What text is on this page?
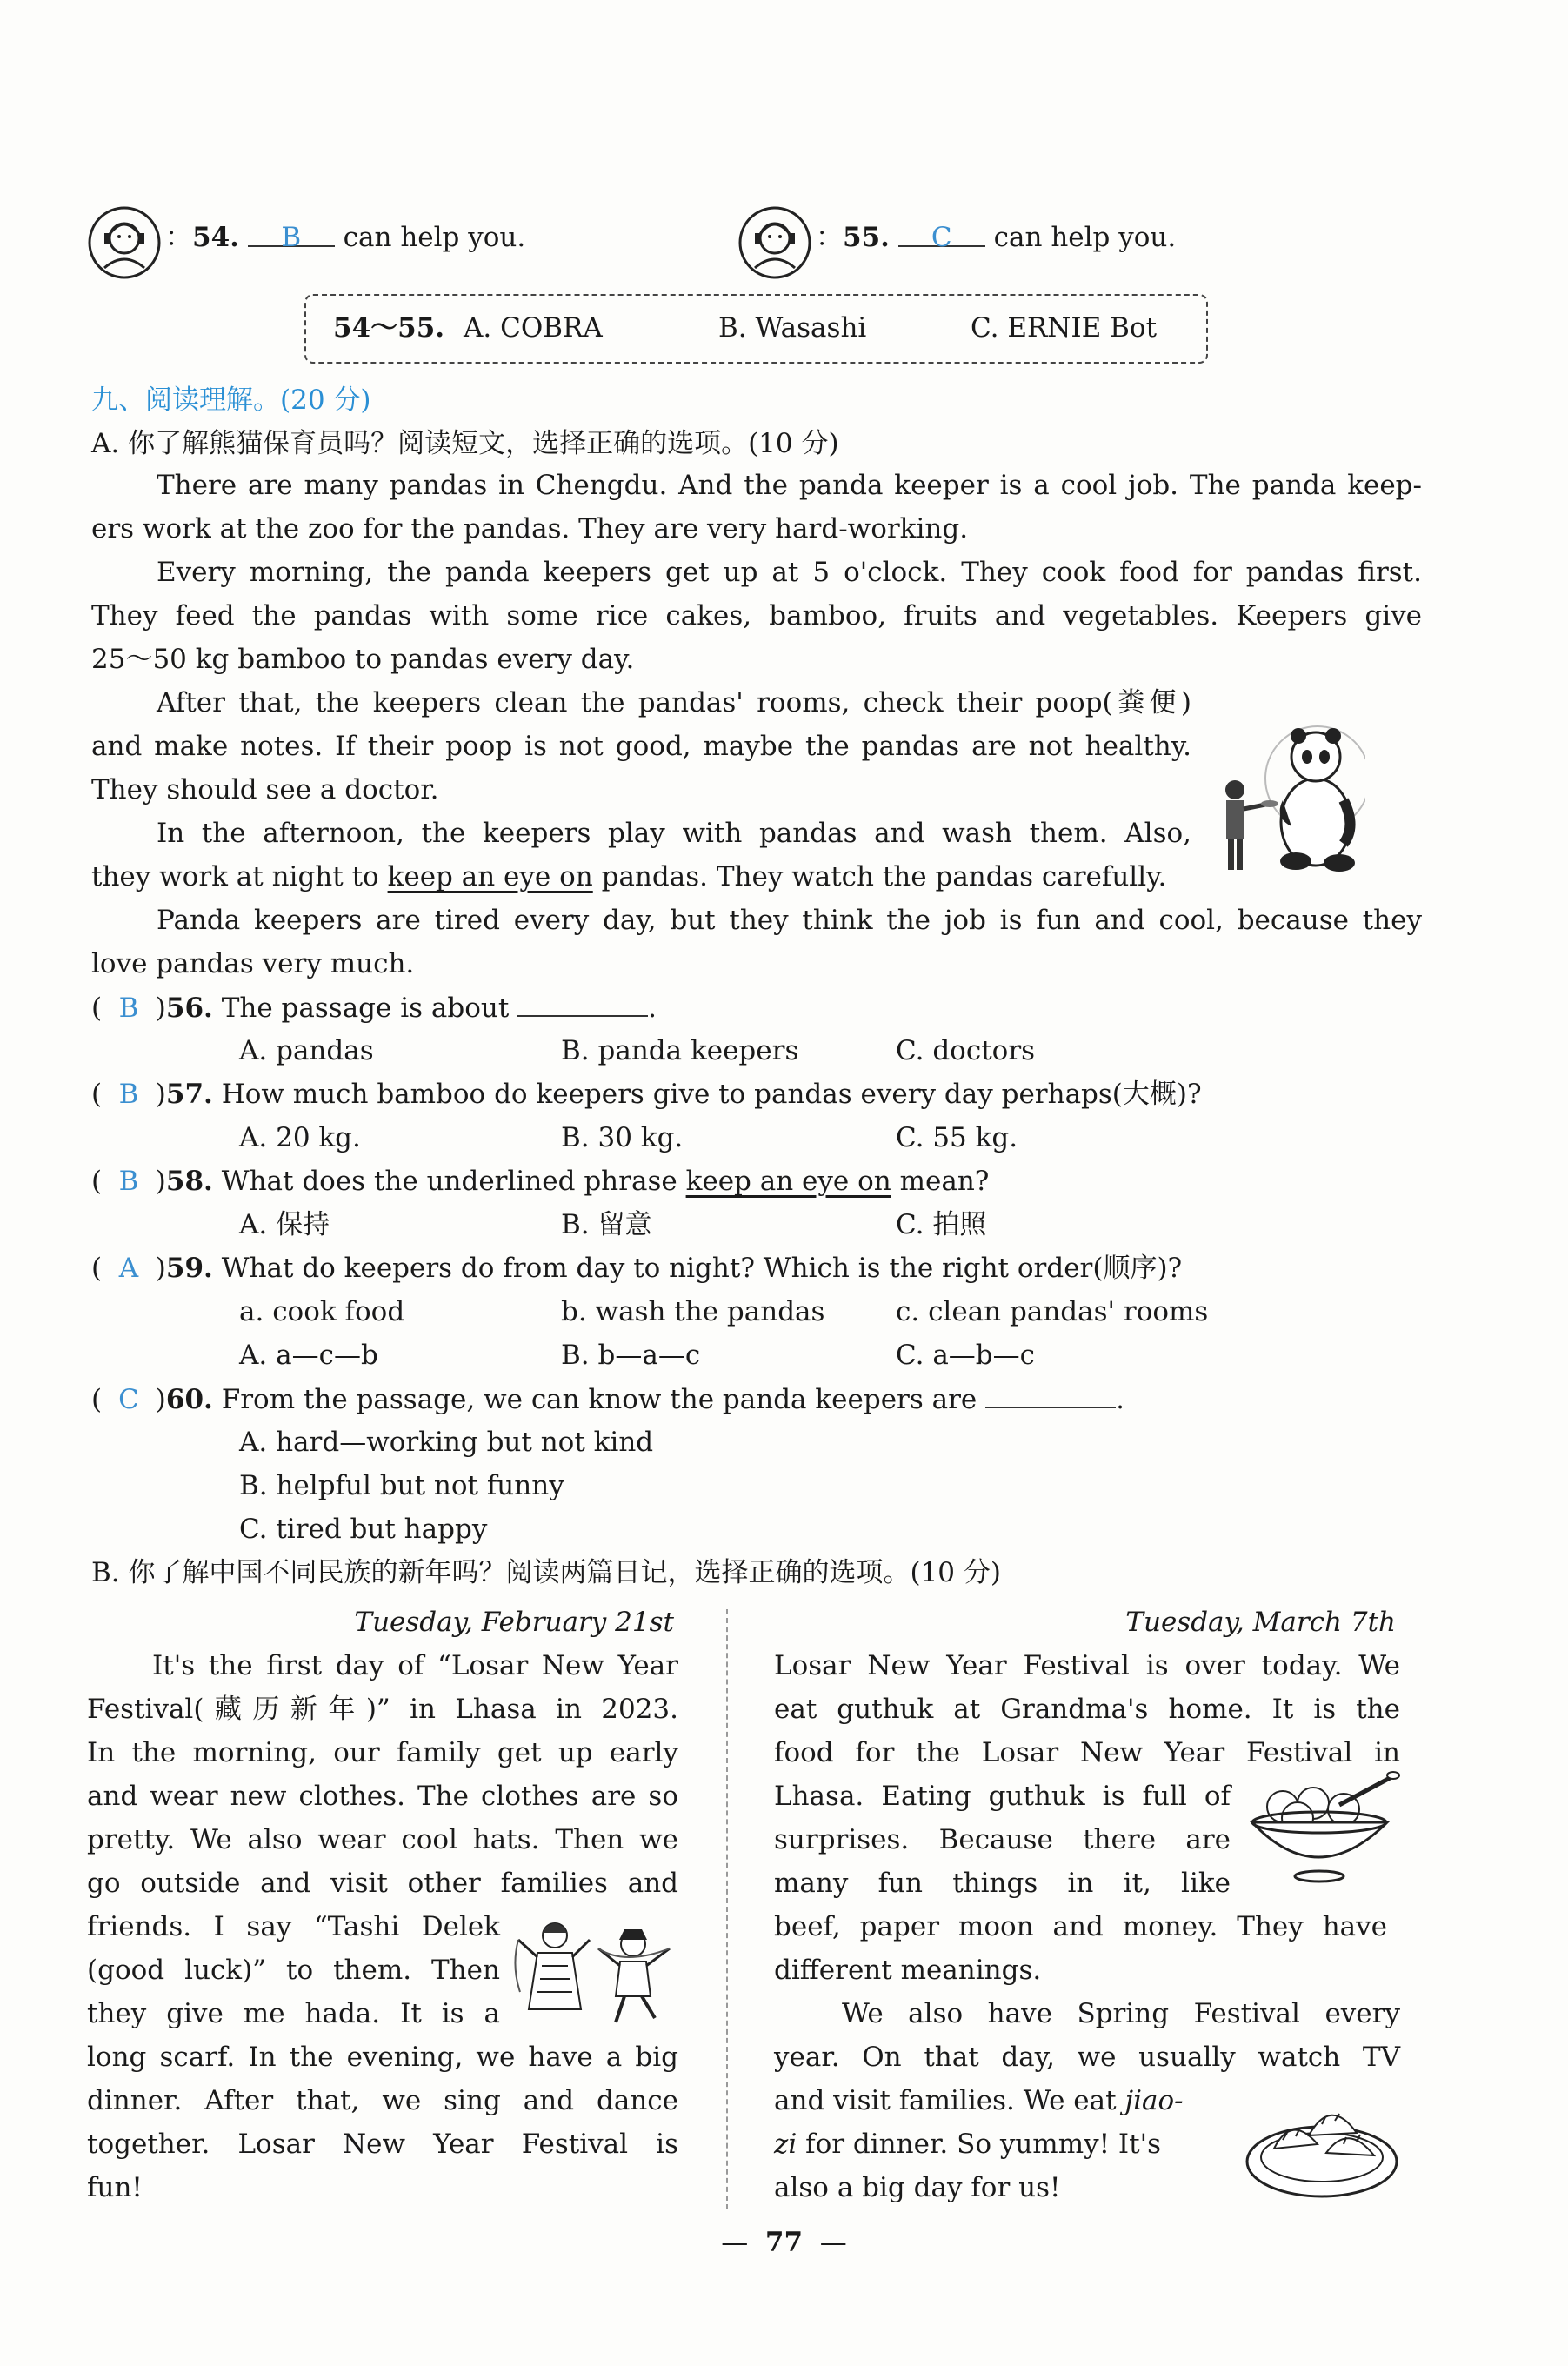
：54. B can help you.	：55. C can help you.
54～55. A. COBRA	B. Wasashi	C. ERNIE Bot
九、阅读理解。(20 分)
A. 你了解熊猫保育员吗？阅读短文，选择正确的选项。(10 分)
There are many pandas in Chengdu. And the panda keeper is a cool job. The panda keep-
ers work at the zoo for the pandas. They are very hard-working.
Every morning, the panda keepers get up at 5 o'clock. They cook food for pandas first.
They feed the pandas with some rice cakes, bamboo, fruits and vegetables. Keepers give
25～50 kg bamboo to pandas every day.
After that, the keepers clean the pandas' rooms, check their poop(粪便)
and make notes. If their poop is not good, maybe the pandas are not healthy.
They should see a doctor.
In the afternoon, the keepers play with pandas and wash them. Also,
they work at night to keep an eye on pandas. They watch the pandas carefully.
Panda keepers are tired every day, but they think the job is fun and cool, because they
love pandas very much.
( B )56. The passage is about	.
A. pandas	B. panda keepers	C. doctors
( B )57. How much bamboo do keepers give to pandas every day perhaps(大概)?
A. 20 kg.	B. 30 kg.	C. 55 kg.
( B )58. What does the underlined phrase keep an eye on mean?
A. 保持	B. 留意	C. 拍照
( A )59. What do keepers do from day to night? Which is the right order(顺序)?
a. cook food	b. wash the pandas	c. clean pandas' rooms
A. a—c—b	B. b—a—c	C. a—b—c
( C )60. From the passage, we can know the panda keepers are	.
A. hard—working but not kind
B. helpful but not funny
C. tired but happy
B. 你了解中国不同民族的新年吗？阅读两篇日记，选择正确的选项。(10 分)
Tuesday, February 21st
It's the first day of “Losar New Year
Festival(藏历新年)” in Lhasa in 2023.
In the morning, our family get up early
and wear new clothes. The clothes are so
pretty. We also wear cool hats. Then we
go outside and visit other families and
friends. I say “Tashi Delek
(good luck)” to them. Then
they give me hada. It is a
long scarf. In the evening, we have a big
dinner. After that, we sing and dance
together. Losar New Year Festival is
fun!
Tuesday, March 7th
Losar New Year Festival is over today. We
eat guthuk at Grandma's home. It is the
food for the Losar New Year Festival in
Lhasa. Eating guthuk is full of
surprises. Because there are
many fun things in it, like
beef, paper moon and money. They have
different meanings.
We also have Spring Festival every
year. On that day, we usually watch TV
and visit families. We eat jiao-
zi for dinner. So yummy! It's
also a big day for us!
—  77  —
